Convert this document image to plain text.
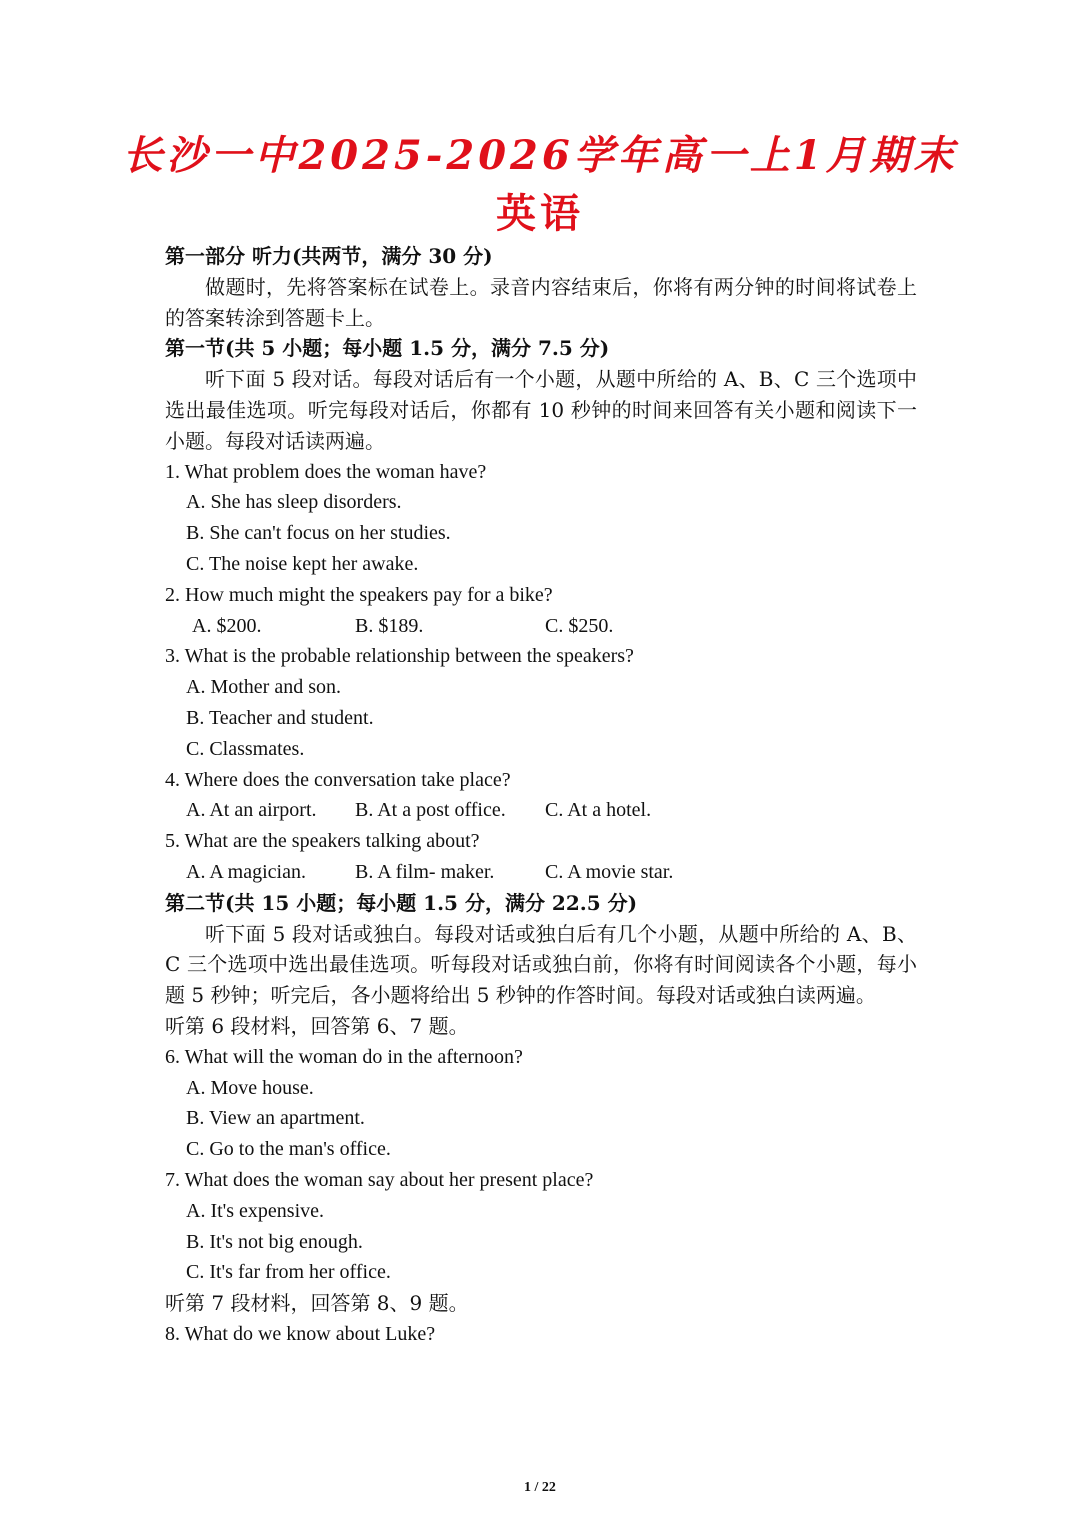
长沙一中2025-2026学年高一上1月期末
英语
第一部分 听力(共两节，满分 30 分)
做题时，先将答案标在试卷上。录音内容结束后，你将有两分钟的时间将试卷上的答案转涂到答题卡上。
第一节(共 5 小题；每小题 1.5 分，满分 7.5 分)
听下面 5 段对话。每段对话后有一个小题，从题中所给的 A、B、C 三个选项中选出最佳选项。听完每段对话后，你都有 10 秒钟的时间来回答有关小题和阅读下一小题。每段对话读两遍。
1. What problem does the woman have?
A. She has sleep disorders.
B. She can't focus on her studies.
C. The noise kept her awake.
2. How much might the speakers pay for a bike?
A. $200.	B. $189.	C. $250.
3. What is the probable relationship between the speakers?
A. Mother and son.
B. Teacher and student.
C. Classmates.
4. Where does the conversation take place?
A. At an airport. B. At a post office. C. At a hotel.
5. What are the speakers talking about?
A. A magician. B. A film- maker.	C. A movie star.
第二节(共 15 小题；每小题 1.5 分，满分 22.5 分)
听下面 5 段对话或独白。每段对话或独白后有几个小题，从题中所给的 A、B、C 三个选项中选出最佳选项。听每段对话或独白前，你将有时间阅读各个小题，每小题 5 秒钟；听完后，各小题将给出 5 秒钟的作答时间。每段对话或独白读两遍。
听第 6 段材料，回答第 6、7 题。
6. What will the woman do in the afternoon?
A. Move house.
B. View an apartment.
C. Go to the man's office.
7. What does the woman say about her present place?
A. It's expensive.
B. It's not big enough.
C. It's far from her office.
听第 7 段材料，回答第 8、9 题。
8. What do we know about Luke?
1 / 22
